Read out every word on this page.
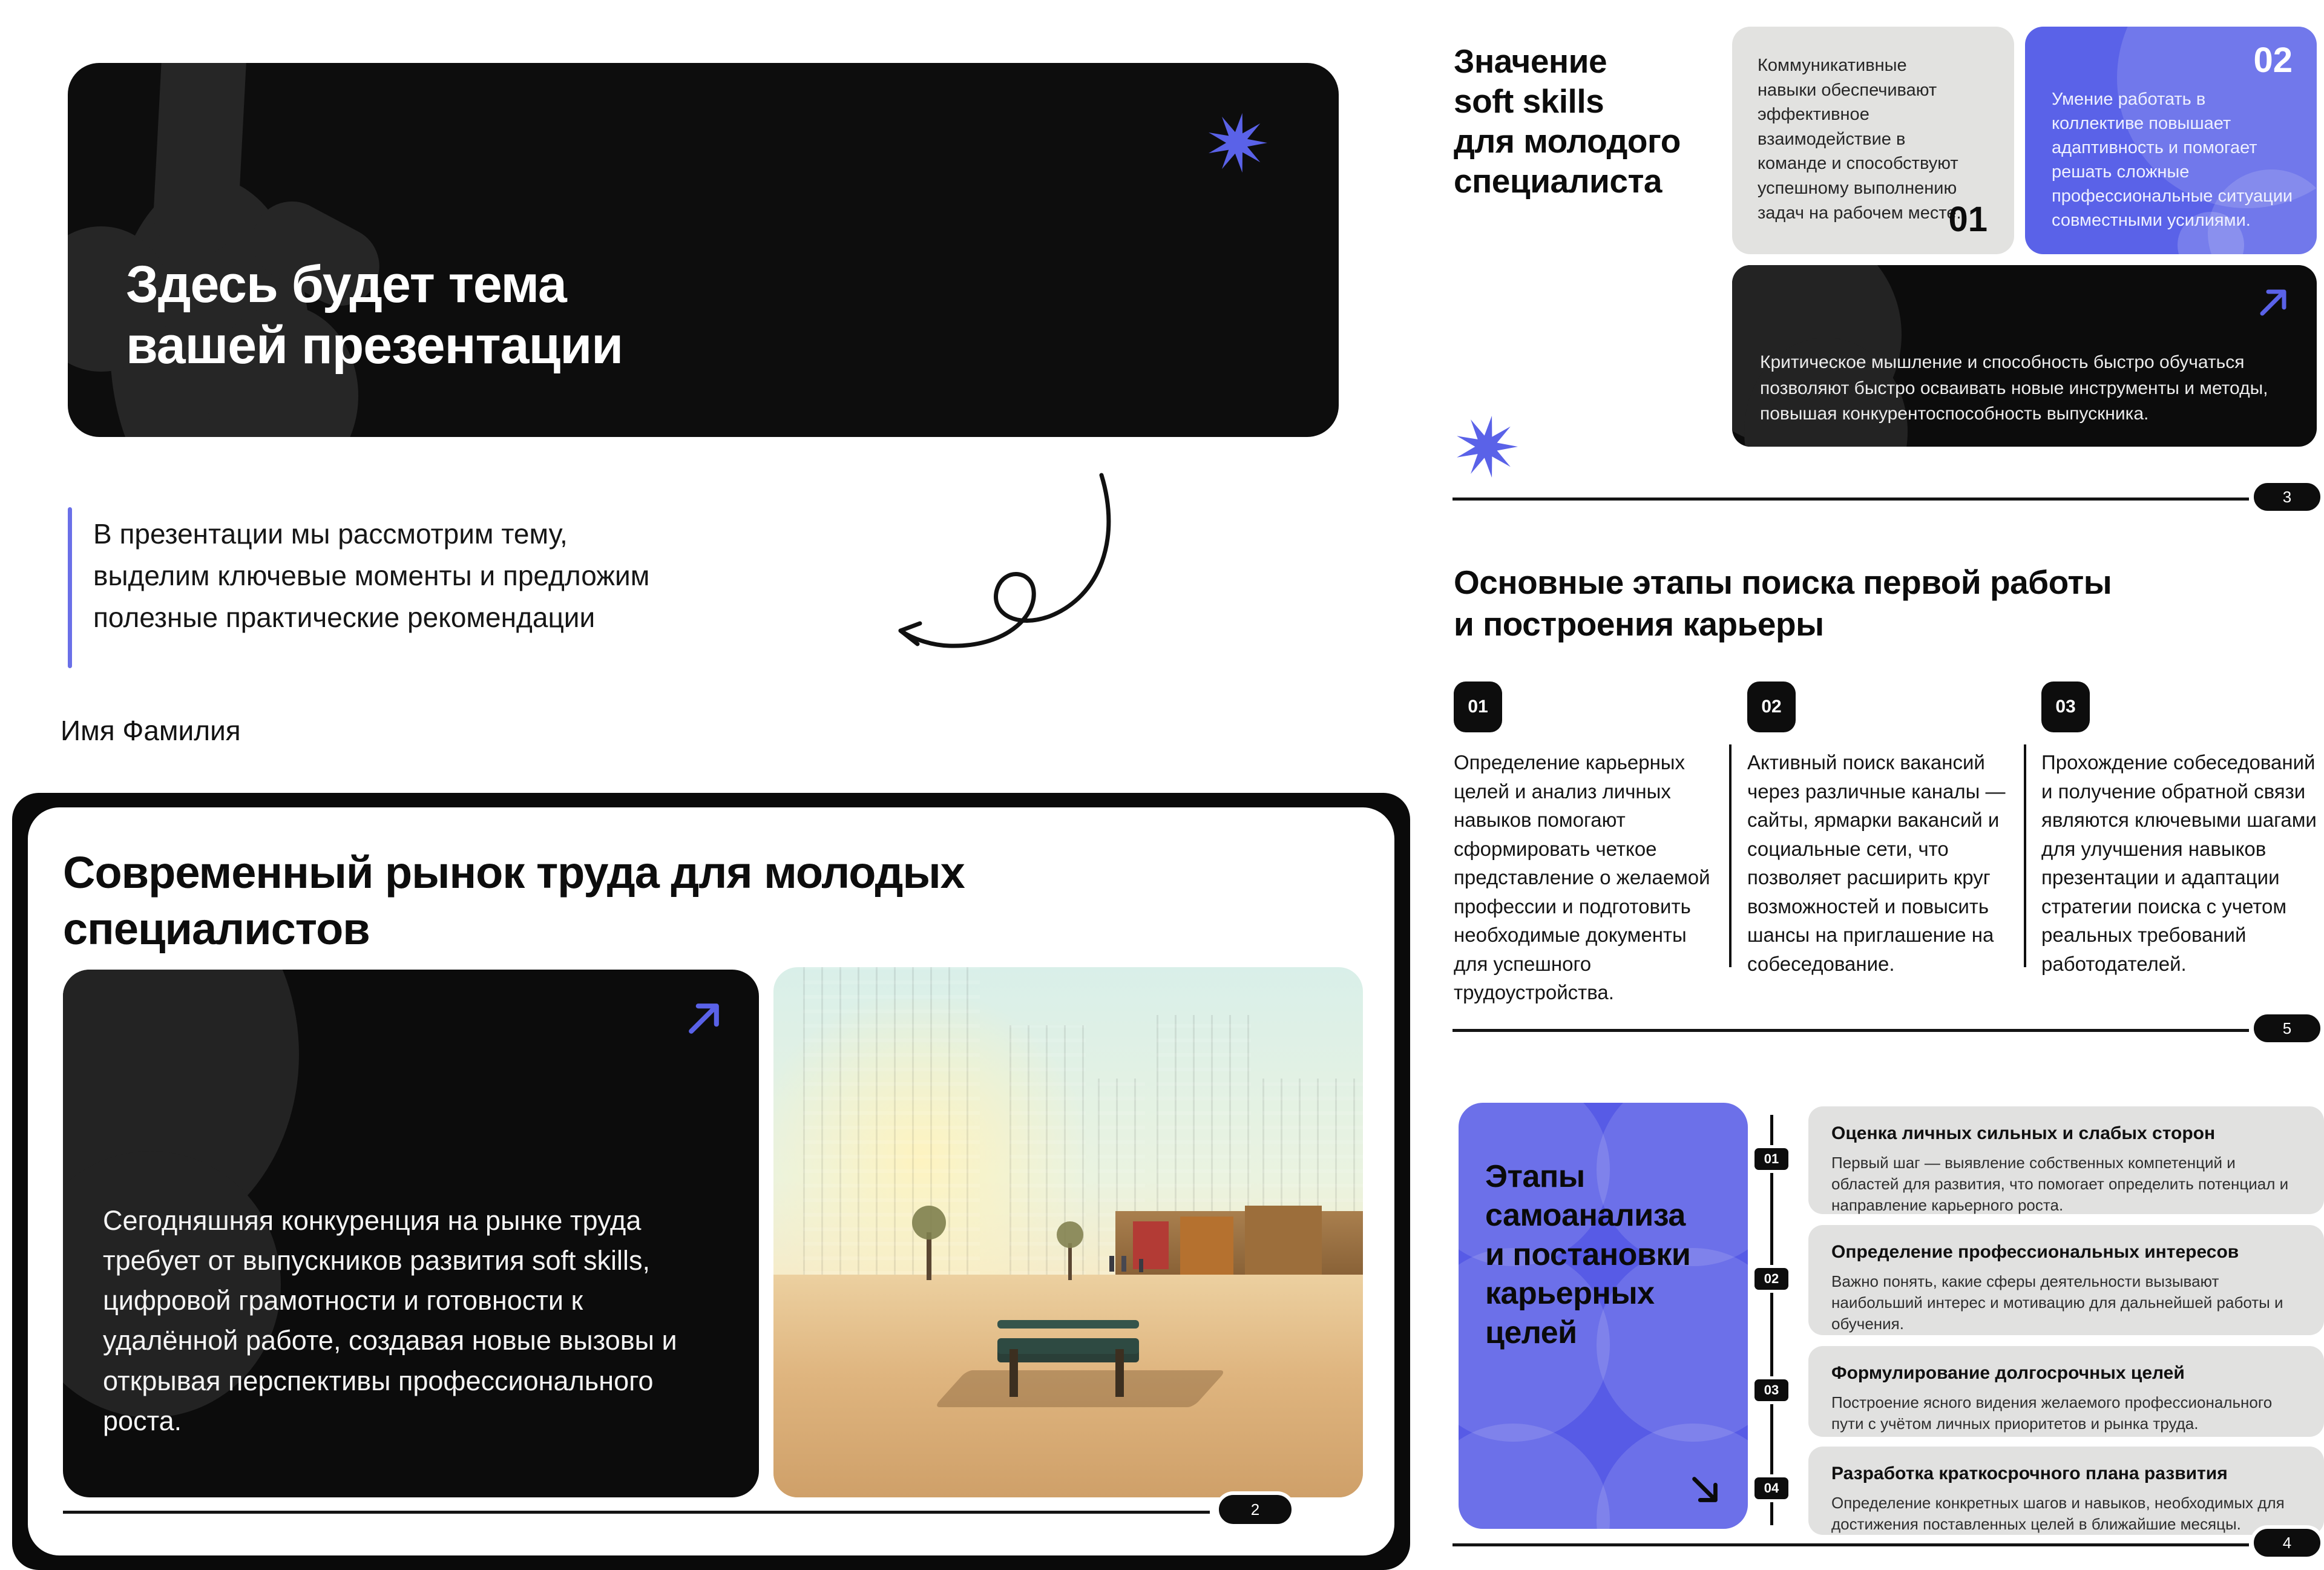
Здесь будет тема
вашей презентации
В презентации мы рассмотрим тему,
выделим ключевые моменты и предложим
полезные практические рекомендации
Имя Фамилия
Современный рынок труда для молодых
специалистов

Сегодняшняя конкуренция на рынке труда требует от выпускников развития soft skills, цифровой грамотности и готовности к удалённой работе, создавая новые вызовы и открывая перспективы профессионального роста.

2
Значение
soft skills
для молодого
специалиста

Коммуникативные навыки обеспечивают эффективное взаимодействие в команде и способствуют успешному выполнению задач на рабочем месте.

01
02

Умение работать в коллективе повышает адаптивность и помогает решать сложные профессиональные ситуации совместными усилиями.

Критическое мышление и способность быстро обучаться позволяют быстро осваивать новые инструменты и методы, повышая конкурентоспособность выпускника.

3
Основные этапы поиска первой работы
и построения карьеры
01	02	03

Определение карьерных целей и анализ личных навыков помогают сформировать четкое представление о желаемой профессии и подготовить необходимые документы для успешного трудоустройства.

Активный поиск вакансий через различные каналы — сайты, ярмарки вакансий и социальные сети, что позволяет расширить круг возможностей и повысить шансы на приглашение на собеседование.

Прохождение собеседований и получение обратной связи являются ключевыми шагами для улучшения навыков презентации и адаптации стратегии поиска с учетом реальных требований работодателей.

5
Этапы
самоанализа
и постановки
карьерных
целей
01
02
03
04
Оценка личных сильных и слабых сторон

Первый шаг — выявление собственных компетенций и областей для развития, что помогает определить потенциал и направление карьерного роста.

Определение профессиональных интересов

Важно понять, какие сферы деятельности вызывают наибольший интерес и мотивацию для дальнейшей работы и обучения.

Формулирование долгосрочных целей

Построение ясного видения желаемого профессионального пути с учётом личных приоритетов и рынка труда.

Разработка краткосрочного плана развития

Определение конкретных шагов и навыков, необходимых для достижения поставленных целей в ближайшие месяцы.

4
